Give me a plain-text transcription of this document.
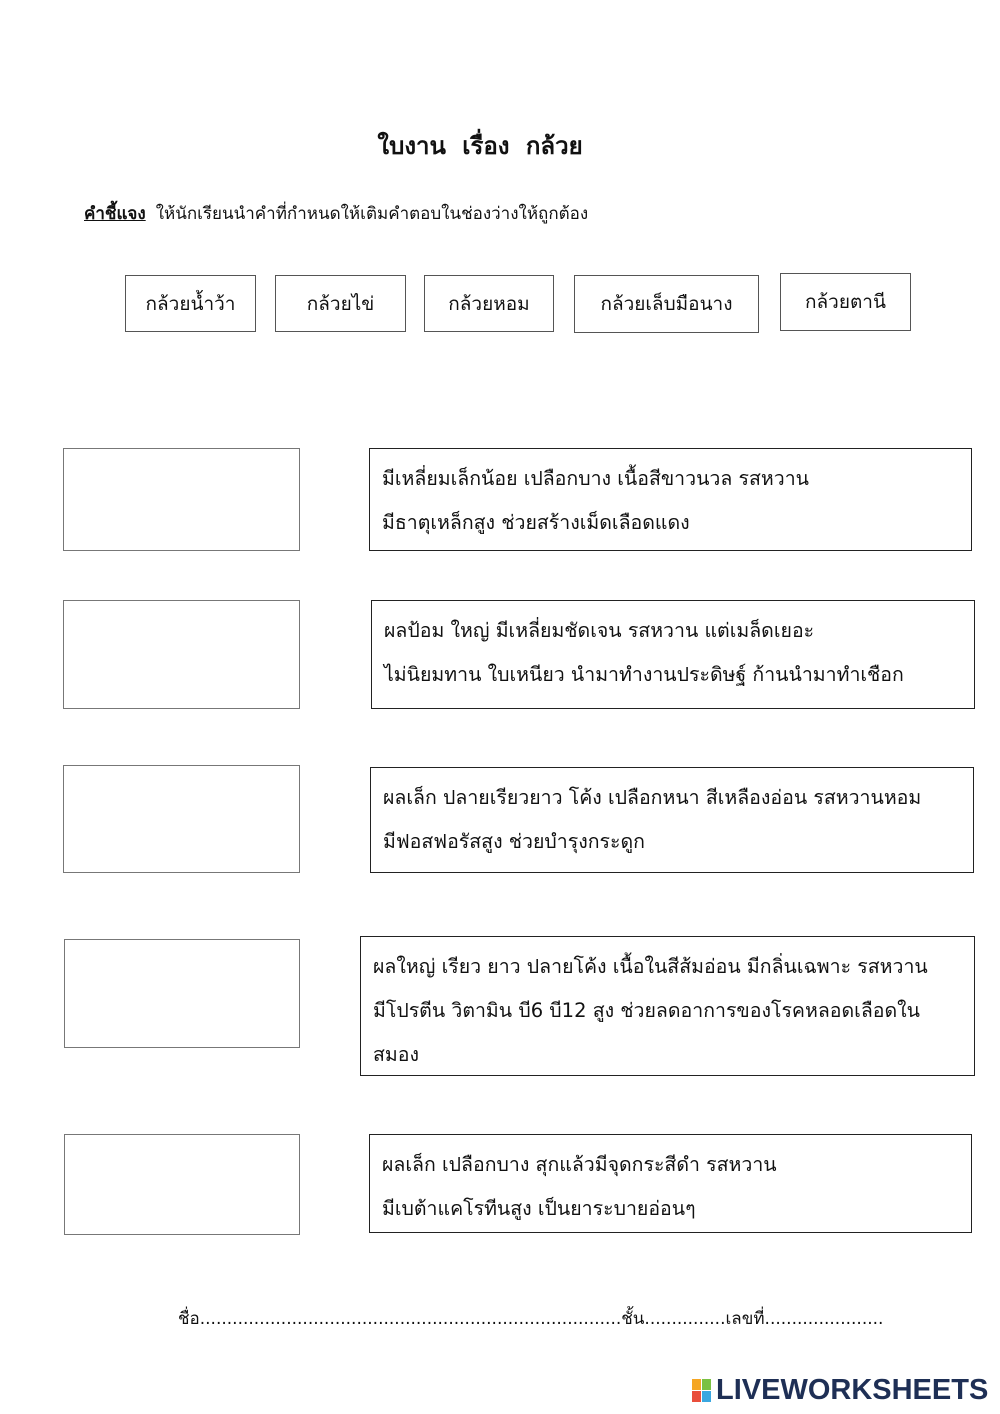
ใบงาน เรื่อง กล้วย
คำชี้แจง ให้นักเรียนนำคำที่กำหนดให้เติมคำตอบในช่องว่างให้ถูกต้อง
กล้วยน้ำว้า	กล้วยไข่	กล้วยหอม	กล้วยเล็บมือนาง	กล้วยตานี
มีเหลี่ยมเล็กน้อย เปลือกบาง เนื้อสีขาวนวล รสหวาน
มีธาตุเหล็กสูง ช่วยสร้างเม็ดเลือดแดง
ผลป้อม ใหญ่ มีเหลี่ยมชัดเจน รสหวาน แต่เมล็ดเยอะ
ไม่นิยมทาน ใบเหนียว นำมาทำงานประดิษฐ์ ก้านนำมาทำเชือก
ผลเล็ก ปลายเรียวยาว โค้ง เปลือกหนา สีเหลืองอ่อน รสหวานหอม
มีฟอสฟอรัสสูง ช่วยบำรุงกระดูก
ผลใหญ่ เรียว ยาว ปลายโค้ง เนื้อในสีส้มอ่อน มีกลิ่นเฉพาะ รสหวาน
มีโปรตีน วิตามิน บี6 บี12 สูง ช่วยลดอาการของโรคหลอดเลือดใน
สมอง
ผลเล็ก เปลือกบาง สุกแล้วมีจุดกระสีดำ รสหวาน
มีเบต้าแคโรทีนสูง เป็นยาระบายอ่อนๆ
ชื่อ..............................................................................ชั้น...............เลขที่......................
LIVEWORKSHEETS
